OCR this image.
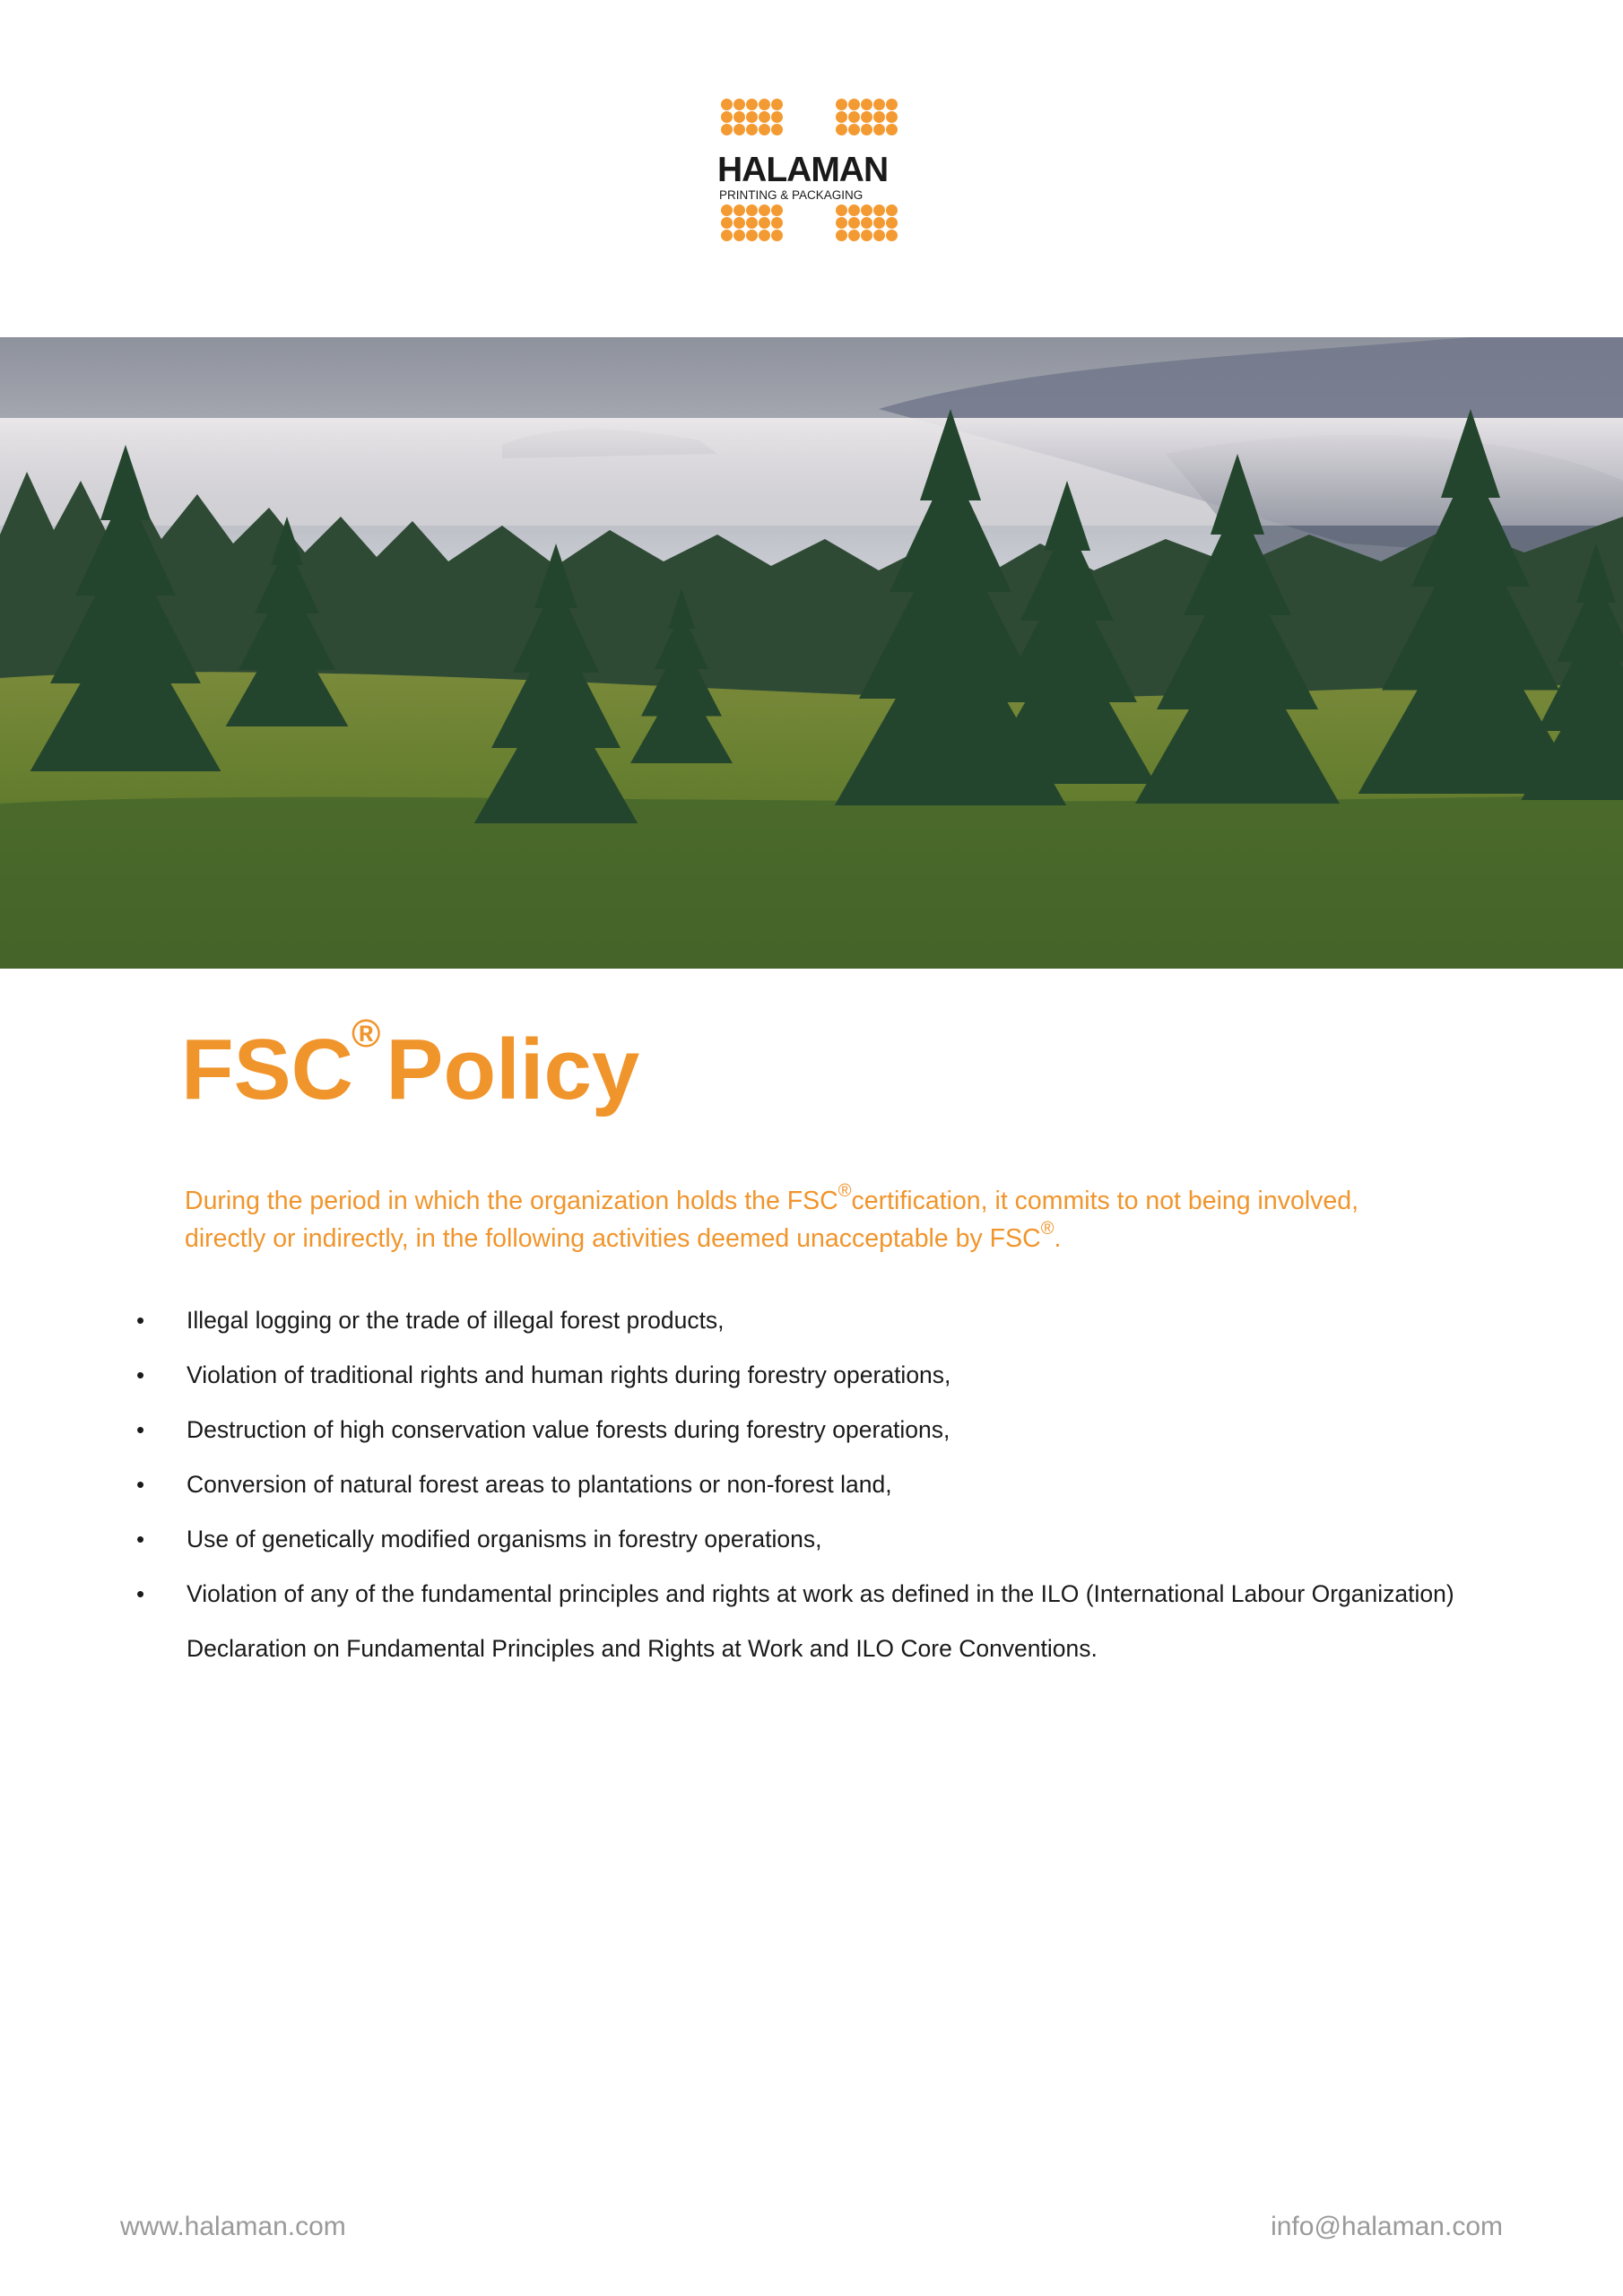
HALAMAN
PRINTING & PACKAGING
FSC®Policy
During the period in which the organization holds the FSC®certification, it commits to not being involved,
directly or indirectly, in the following activities deemed unacceptable by FSC®.
• Illegal logging or the trade of illegal forest products,
• Violation of traditional rights and human rights during forestry operations,
• Destruction of high conservation value forests during forestry operations,
• Conversion of natural forest areas to plantations or non-forest land,
• Use of genetically modified organisms in forestry operations,
• Violation of any of the fundamental principles and rights at work as defined in the ILO (International Labour Organization) Declaration on Fundamental Principles and Rights at Work and ILO Core Conventions.
www.halaman.com	info@halaman.com
